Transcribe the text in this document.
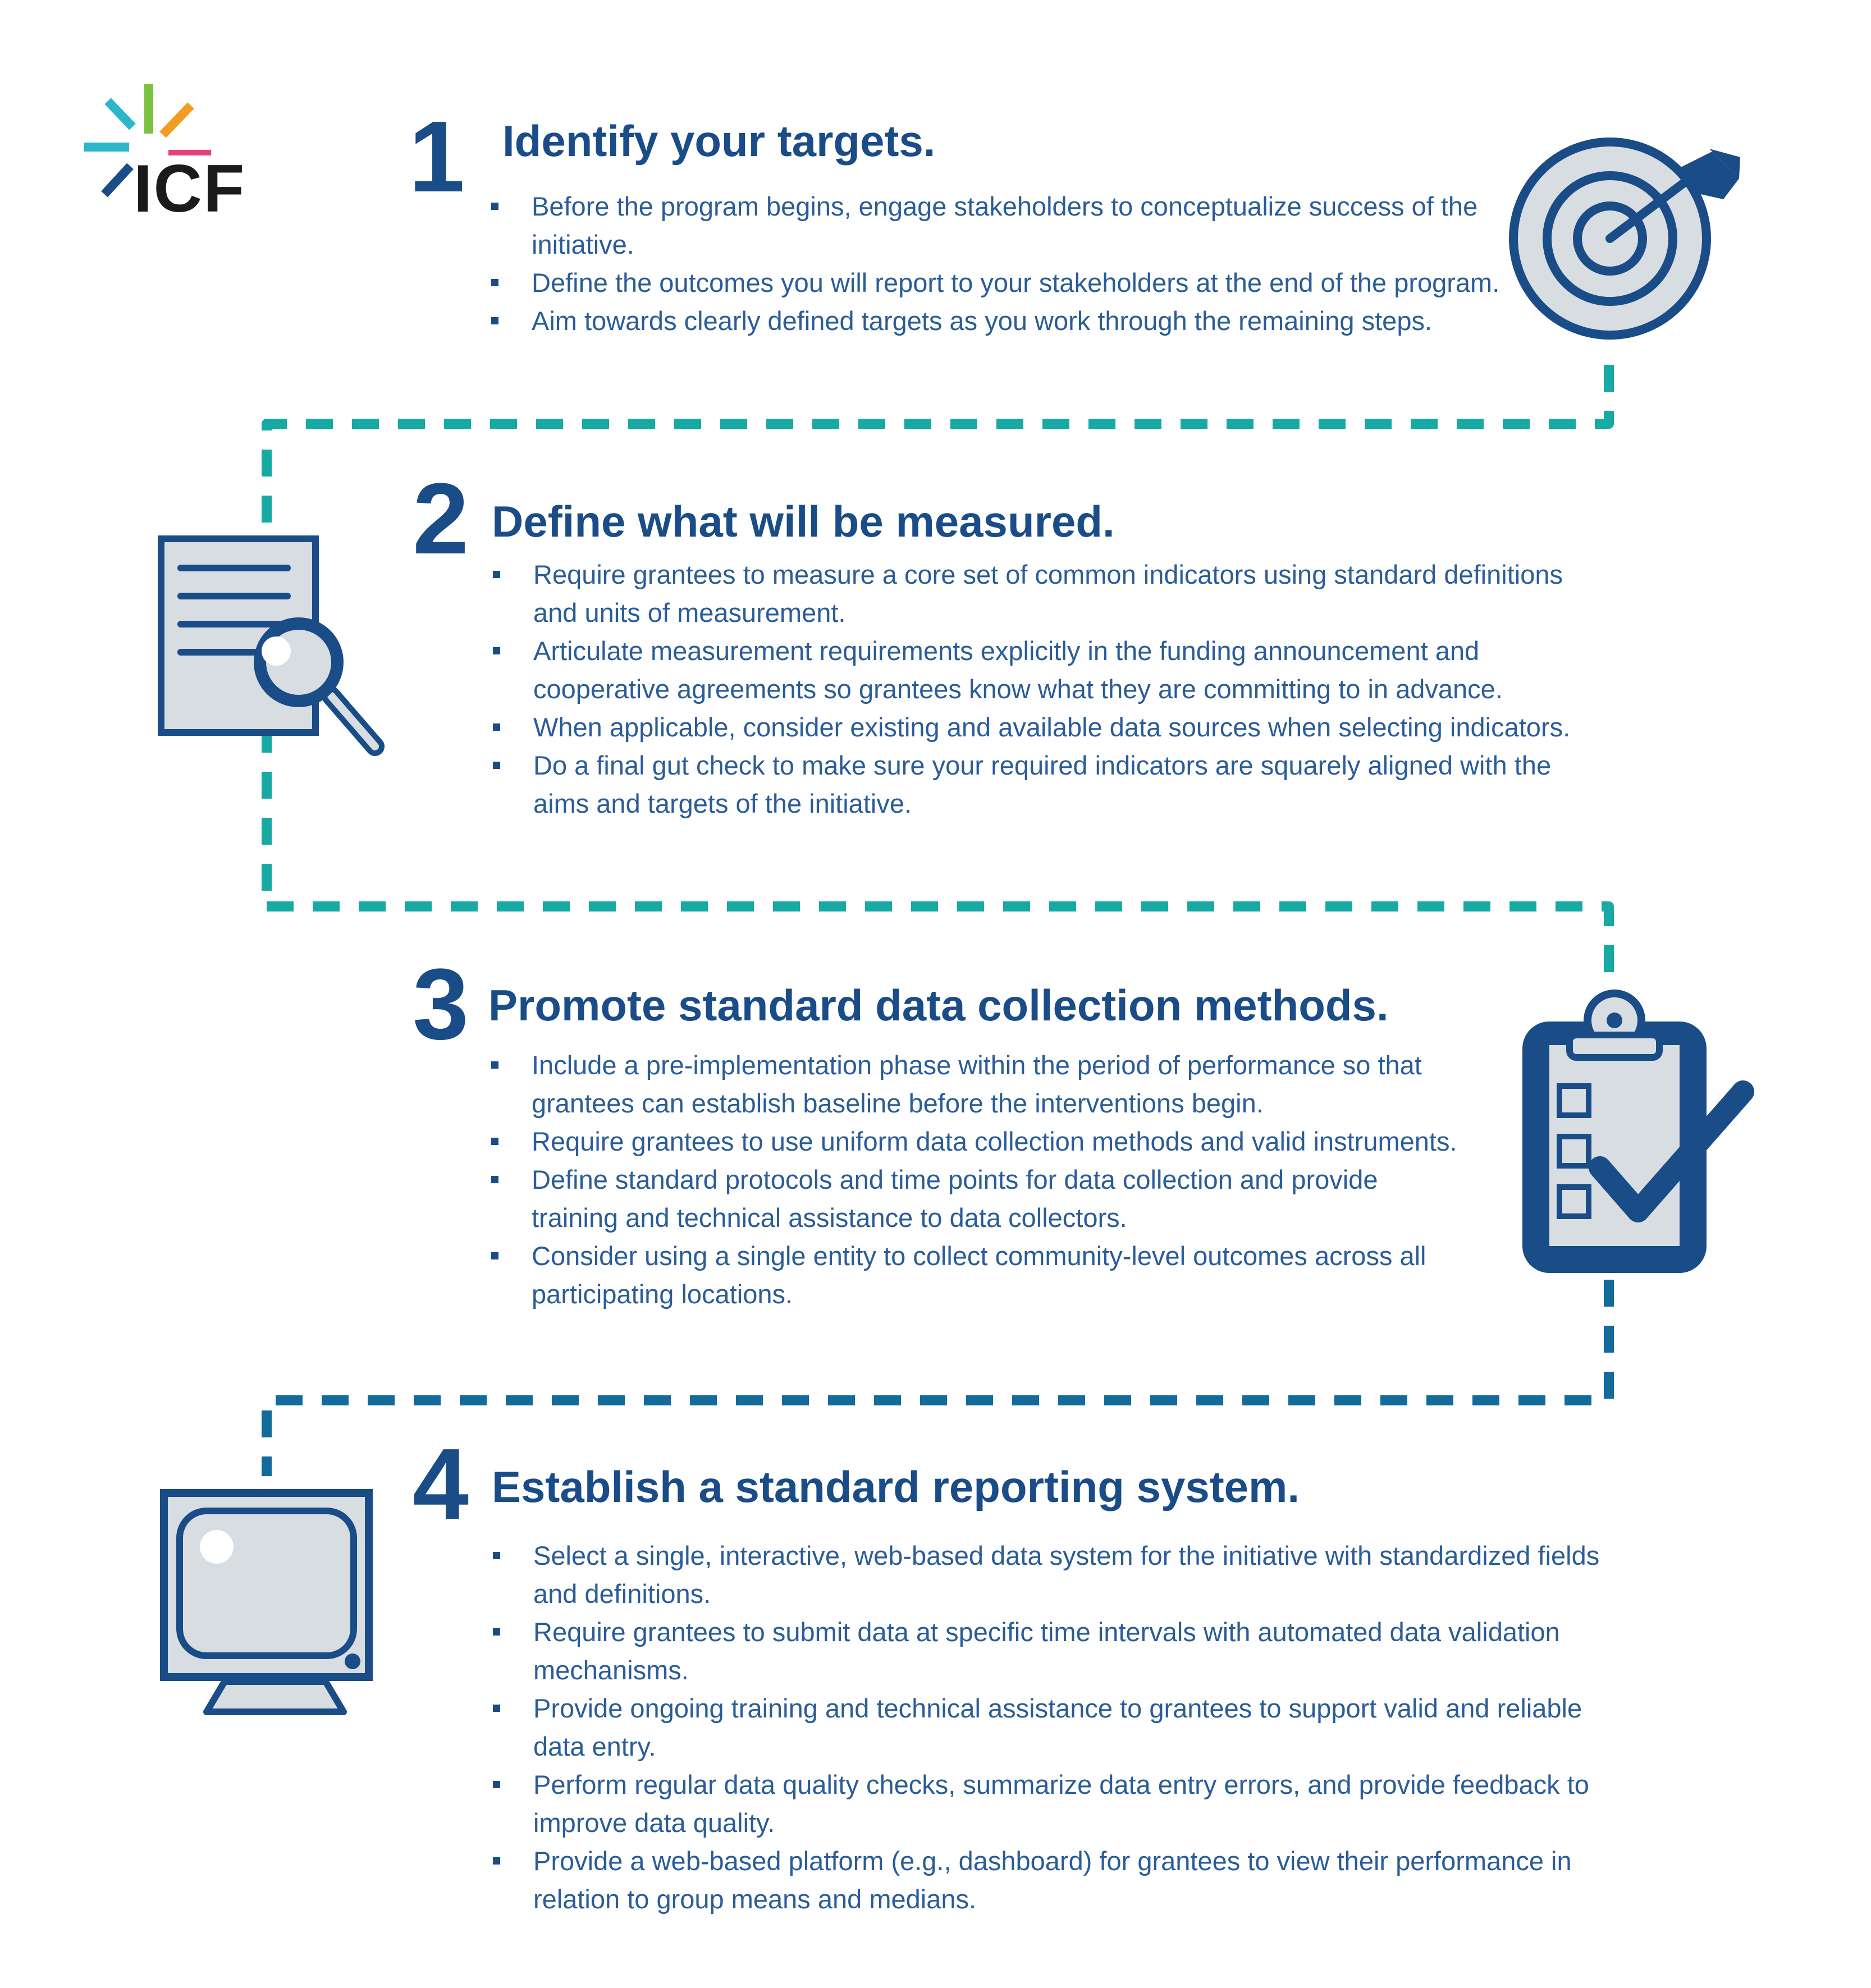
ICF 1 Identify your targets.
Before the program begins, engage stakeholders to conceptualize success of the initiative.
Define the outcomes you will report to your stakeholders at the end of the program.
Aim towards clearly defined targets as you work through the remaining steps.
2 Define what will be measured.
Require grantees to measure a core set of common indicators using standard definitions and units of measurement.
Articulate measurement requirements explicitly in the funding announcement and cooperative agreements so grantees know what they are committing to in advance.
When applicable, consider existing and available data sources when selecting indicators.
Do a final gut check to make sure your required indicators are squarely aligned with the aims and targets of the initiative.
3 Promote standard data collection methods.
Include a pre-implementation phase within the period of performance so that grantees can establish baseline before the interventions begin.
Require grantees to use uniform data collection methods and valid instruments.
Define standard protocols and time points for data collection and provide training and technical assistance to data collectors.
Consider using a single entity to collect community-level outcomes across all participating locations.
4 Establish a standard reporting system.
Select a single, interactive, web-based data system for the initiative with standardized fields and definitions.
Require grantees to submit data at specific time intervals with automated data validation mechanisms.
Provide ongoing training and technical assistance to grantees to support valid and reliable data entry.
Perform regular data quality checks, summarize data entry errors, and provide feedback to improve data quality.
Provide a web-based platform (e.g., dashboard) for grantees to view their performance in relation to group means and medians.
